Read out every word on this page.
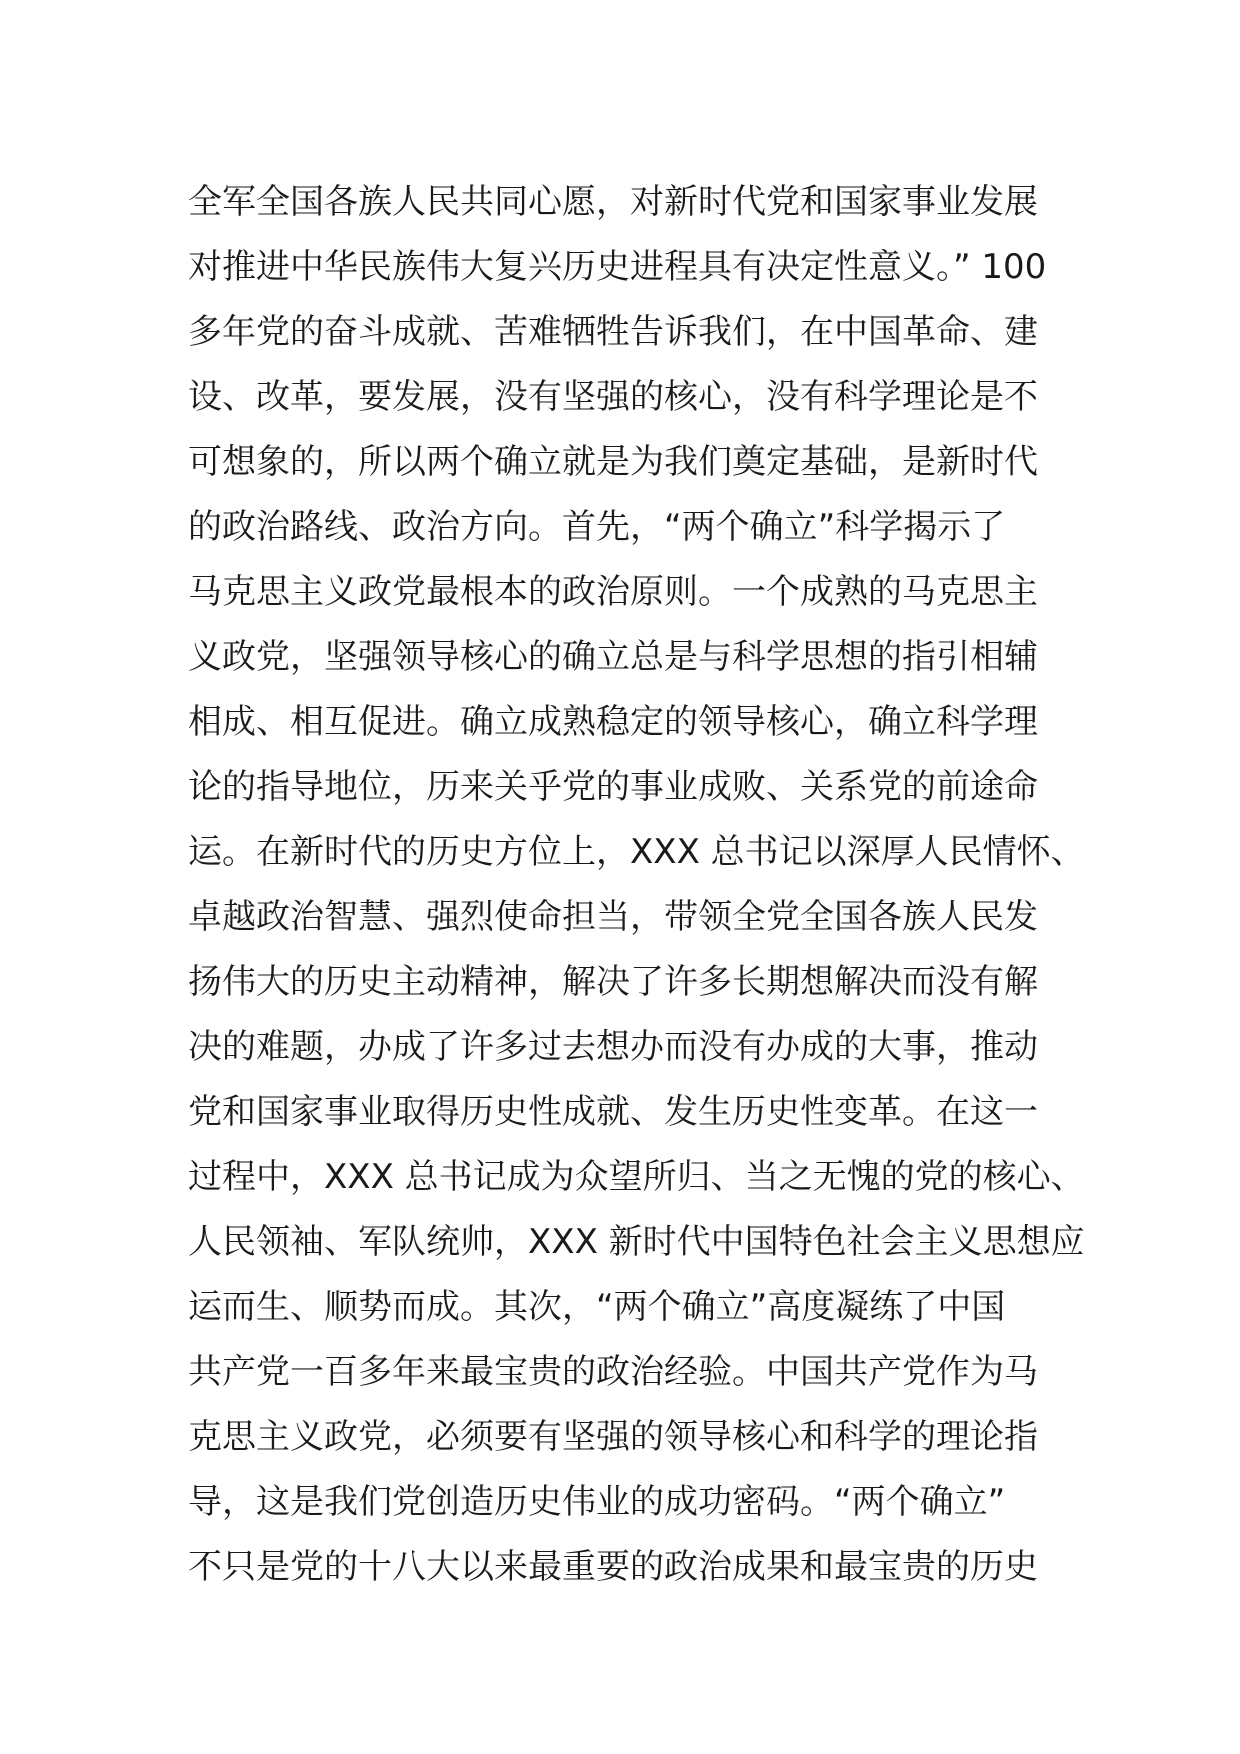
全军全国各族人民共同心愿，对新时代党和国家事业发展
对推进中华民族伟大复兴历史进程具有决定性意义。” 100
多年党的奋斗成就、苦难牺牲告诉我们，在中国革命、建
设、改革，要发展，没有坚强的核心，没有科学理论是不
可想象的，所以两个确立就是为我们奠定基础，是新时代
的政治路线、政治方向。首先，“两个确立”科学揭示了
马克思主义政党最根本的政治原则。一个成熟的马克思主
义政党，坚强领导核心的确立总是与科学思想的指引相辅
相成、相互促进。确立成熟稳定的领导核心，确立科学理
论的指导地位，历来关乎党的事业成败、关系党的前途命
运。在新时代的历史方位上，XXX 总书记以深厚人民情怀、
卓越政治智慧、强烈使命担当，带领全党全国各族人民发
扬伟大的历史主动精神，解决了许多长期想解决而没有解
决的难题，办成了许多过去想办而没有办成的大事，推动
党和国家事业取得历史性成就、发生历史性变革。在这一
过程中，XXX 总书记成为众望所归、当之无愧的党的核心、
人民领袖、军队统帅，XXX 新时代中国特色社会主义思想应
运而生、顺势而成。其次，“两个确立”高度凝练了中国
共产党一百多年来最宝贵的政治经验。中国共产党作为马
克思主义政党，必须要有坚强的领导核心和科学的理论指
导，这是我们党创造历史伟业的成功密码。“两个确立”
不只是党的十八大以来最重要的政治成果和最宝贵的历史
